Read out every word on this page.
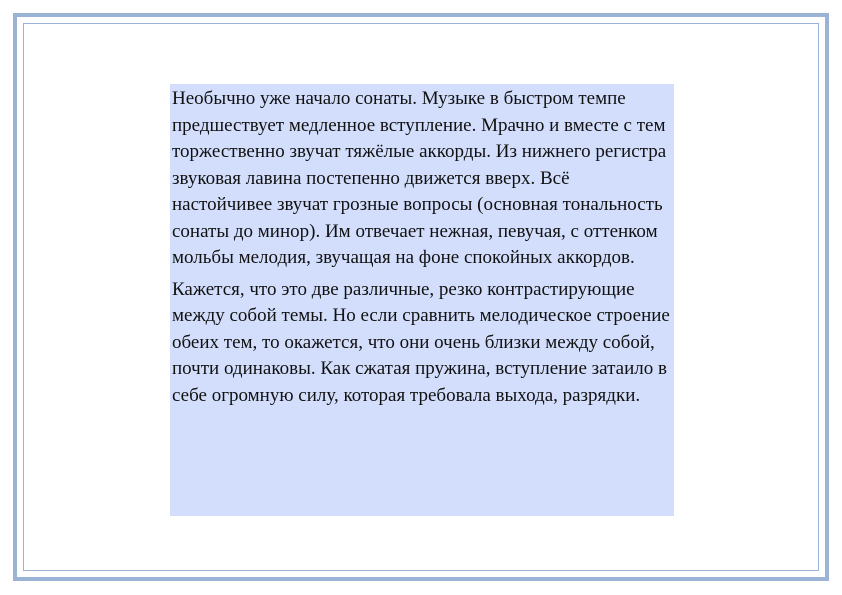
Необычно уже начало сонаты. Музыке в быстром темпе предшествует медленное вступление. Мрачно и вместе с тем торжественно звучат тяжёлые аккорды. Из нижнего регистра звуковая лавина постепенно движется вверх. Всё настойчивее звучат грозные вопросы (основная тональность сонаты до минор). Им отвечает нежная, певучая, с оттенком мольбы мелодия, звучащая на фоне спокойных аккордов.

Кажется, что это две различные, резко контрастирующие между собой темы. Но если сравнить мелодическое строение обеих тем, то окажется, что они очень близки между собой, почти одинаковы. Как сжатая пружина, вступление затаило в себе огромную силу, которая требовала выхода, разрядки.
